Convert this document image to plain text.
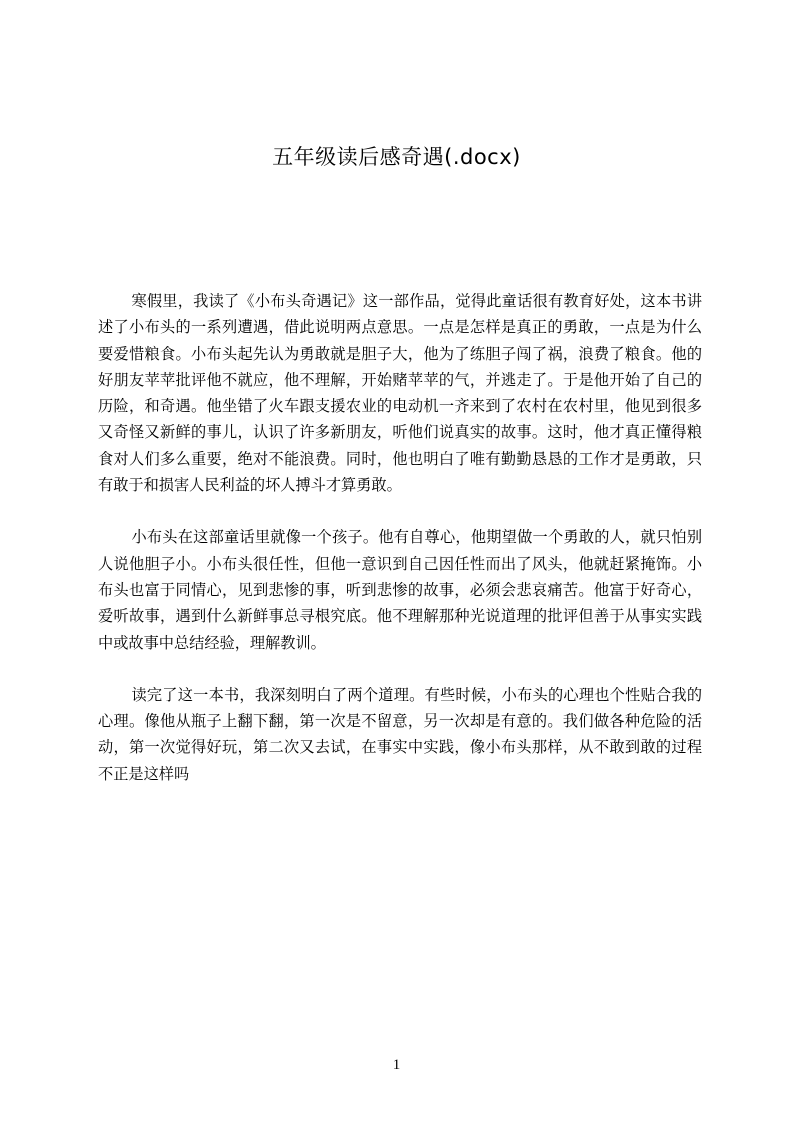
五年级读后感奇遇(.docx)

寒假里，我读了《小布头奇遇记》这一部作品，觉得此童话很有教育好处，这本书讲述了小布头的一系列遭遇，借此说明两点意思。一点是怎样是真正的勇敢，一点是为什么要爱惜粮食。小布头起先认为勇敢就是胆子大，他为了练胆子闯了祸，浪费了粮食。他的好朋友苹苹批评他不就应，他不理解，开始赌苹苹的气，并逃走了。于是他开始了自己的历险，和奇遇。他坐错了火车跟支援农业的电动机一齐来到了农村在农村里，他见到很多又奇怪又新鲜的事儿，认识了许多新朋友，听他们说真实的故事。这时，他才真正懂得粮食对人们多么重要，绝对不能浪费。同时，他也明白了唯有勤勤恳恳的工作才是勇敢，只有敢于和损害人民利益的坏人搏斗才算勇敢。

小布头在这部童话里就像一个孩子。他有自尊心，他期望做一个勇敢的人，就只怕别人说他胆子小。小布头很任性，但他一意识到自己因任性而出了风头，他就赶紧掩饰。小布头也富于同情心，见到悲惨的事，听到悲惨的故事，必须会悲哀痛苦。他富于好奇心，爱听故事，遇到什么新鲜事总寻根究底。他不理解那种光说道理的批评但善于从事实实践中或故事中总结经验，理解教训。

读完了这一本书，我深刻明白了两个道理。有些时候，小布头的心理也个性贴合我的心理。像他从瓶子上翻下翻，第一次是不留意，另一次却是有意的。我们做各种危险的活动，第一次觉得好玩，第二次又去试，在事实中实践，像小布头那样，从不敢到敢的过程不正是这样吗

1
